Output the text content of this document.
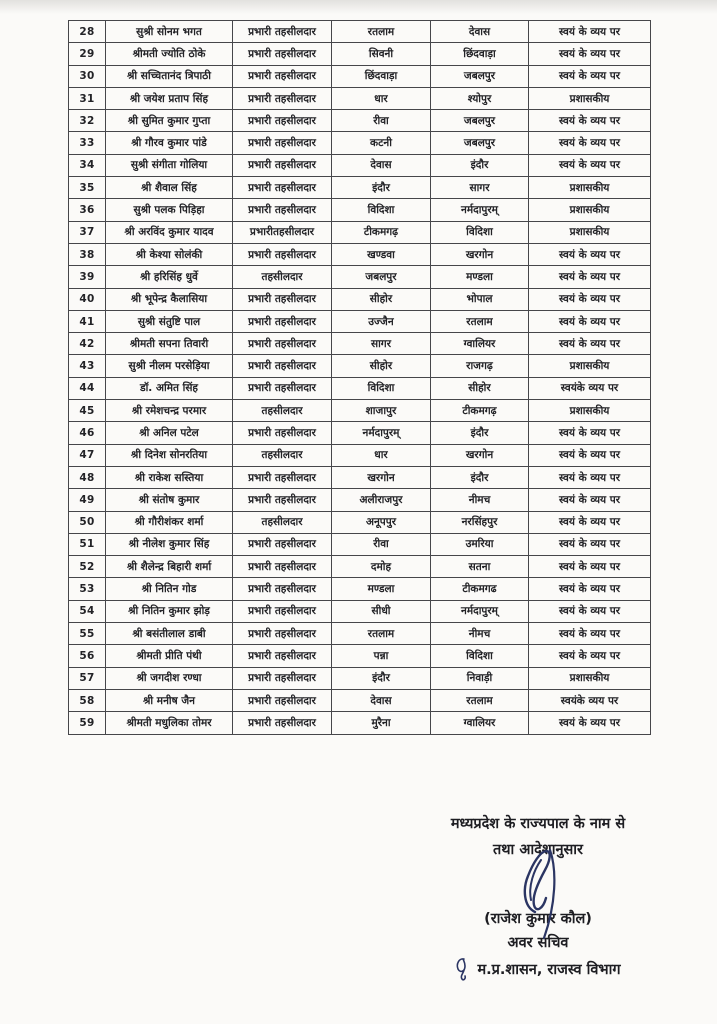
28	सुश्री सोनम भगत	प्रभारी तहसीलदार	रतलाम	देवास	स्वयं के व्यय पर
29	श्रीमती ज्योति ठोके	प्रभारी तहसीलदार	सिवनी	छिंदवाड़ा	स्वयं के व्यय पर
30	श्री सच्चितानंद त्रिपाठी	प्रभारी तहसीलदार	छिंदवाड़ा	जबलपुर	स्वयं के व्यय पर
31	श्री जयेश प्रताप सिंह	प्रभारी तहसीलदार	धार	श्योपुर	प्रशासकीय
32	श्री सुमित कुमार गुप्ता	प्रभारी तहसीलदार	रीवा	जबलपुर	स्वयं के व्यय पर
33	श्री गौरव कुमार पांडे	प्रभारी तहसीलदार	कटनी	जबलपुर	स्वयं के व्यय पर
34	सुश्री संगीता गोलिया	प्रभारी तहसीलदार	देवास	इंदौर	स्वयं के व्यय पर
35	श्री शैवाल सिंह	प्रभारी तहसीलदार	इंदौर	सागर	प्रशासकीय
36	सुश्री पलक पिड़िहा	प्रभारी तहसीलदार	विदिशा	नर्मदापुरम्	प्रशासकीय
37	श्री अरविंद कुमार यादव	प्रभारीतहसीलदार	टीकमगढ़	विदिशा	प्रशासकीय
38	श्री केश्या सोलंकी	प्रभारी तहसीलदार	खण्डवा	खरगोन	स्वयं के व्यय पर
39	श्री हरिसिंह धुर्वे	तहसीलदार	जबलपुर	मण्डला	स्वयं के व्यय पर
40	श्री भूपेन्द्र कैलासिया	प्रभारी तहसीलदार	सीहोर	भोपाल	स्वयं के व्यय पर
41	सुश्री संतुष्टि पाल	प्रभारी तहसीलदार	उज्जैन	रतलाम	स्वयं के व्यय पर
42	श्रीमती सपना तिवारी	प्रभारी तहसीलदार	सागर	ग्वालियर	स्वयं के व्यय पर
43	सुश्री नीलम परसेड़िया	प्रभारी तहसीलदार	सीहोर	राजगढ़	प्रशासकीय
44	डॉ. अमित सिंह	प्रभारी तहसीलदार	विदिशा	सीहोर	स्वयंके व्यय पर
45	श्री रमेशचन्द्र परमार	तहसीलदार	शाजापुर	टीकमगढ़	प्रशासकीय
46	श्री अनिल पटेल	प्रभारी तहसीलदार	नर्मदापुरम्	इंदौर	स्वयं के व्यय पर
47	श्री दिनेश सोनरतिया	तहसीलदार	धार	खरगोन	स्वयं के व्यय पर
48	श्री राकेश सस्तिया	प्रभारी तहसीलदार	खरगोन	इंदौर	स्वयं के व्यय पर
49	श्री संतोष कुमार	प्रभारी तहसीलदार	अलीराजपुर	नीमच	स्वयं के व्यय पर
50	श्री गौरीशंकर शर्मा	तहसीलदार	अनूपपुर	नरसिंहपुर	स्वयं के व्यय पर
51	श्री नीलेश कुमार सिंह	प्रभारी तहसीलदार	रीवा	उमरिया	स्वयं के व्यय पर
52	श्री शैलेन्द्र बिहारी शर्मा	प्रभारी तहसीलदार	दमोह	सतना	स्वयं के व्यय पर
53	श्री नितिन गोड	प्रभारी तहसीलदार	मण्डला	टीकमगढ	स्वयं के व्यय पर
54	श्री नितिन कुमार झोड़	प्रभारी तहसीलदार	सीधी	नर्मदापुरम्	स्वयं के व्यय पर
55	श्री बसंतीलाल डाबी	प्रभारी तहसीलदार	रतलाम	नीमच	स्वयं के व्यय पर
56	श्रीमती प्रीति पंथी	प्रभारी तहसीलदार	पन्ना	विदिशा	स्वयं के व्यय पर
57	श्री जगदीश रण्धा	प्रभारी तहसीलदार	इंदौर	निवाड़ी	प्रशासकीय
58	श्री मनीष जैन	प्रभारी तहसीलदार	देवास	रतलाम	स्वयंके व्यय पर
59	श्रीमती मधुलिका तोमर	प्रभारी तहसीलदार	मुरैना	ग्वालियर	स्वयं के व्यय पर
मध्यप्रदेश के राज्यपाल के नाम से
तथा आदेशानुसार
(राजेश कुमार कौल)
अवर सचिव
म.प्र.शासन, राजस्व विभाग
